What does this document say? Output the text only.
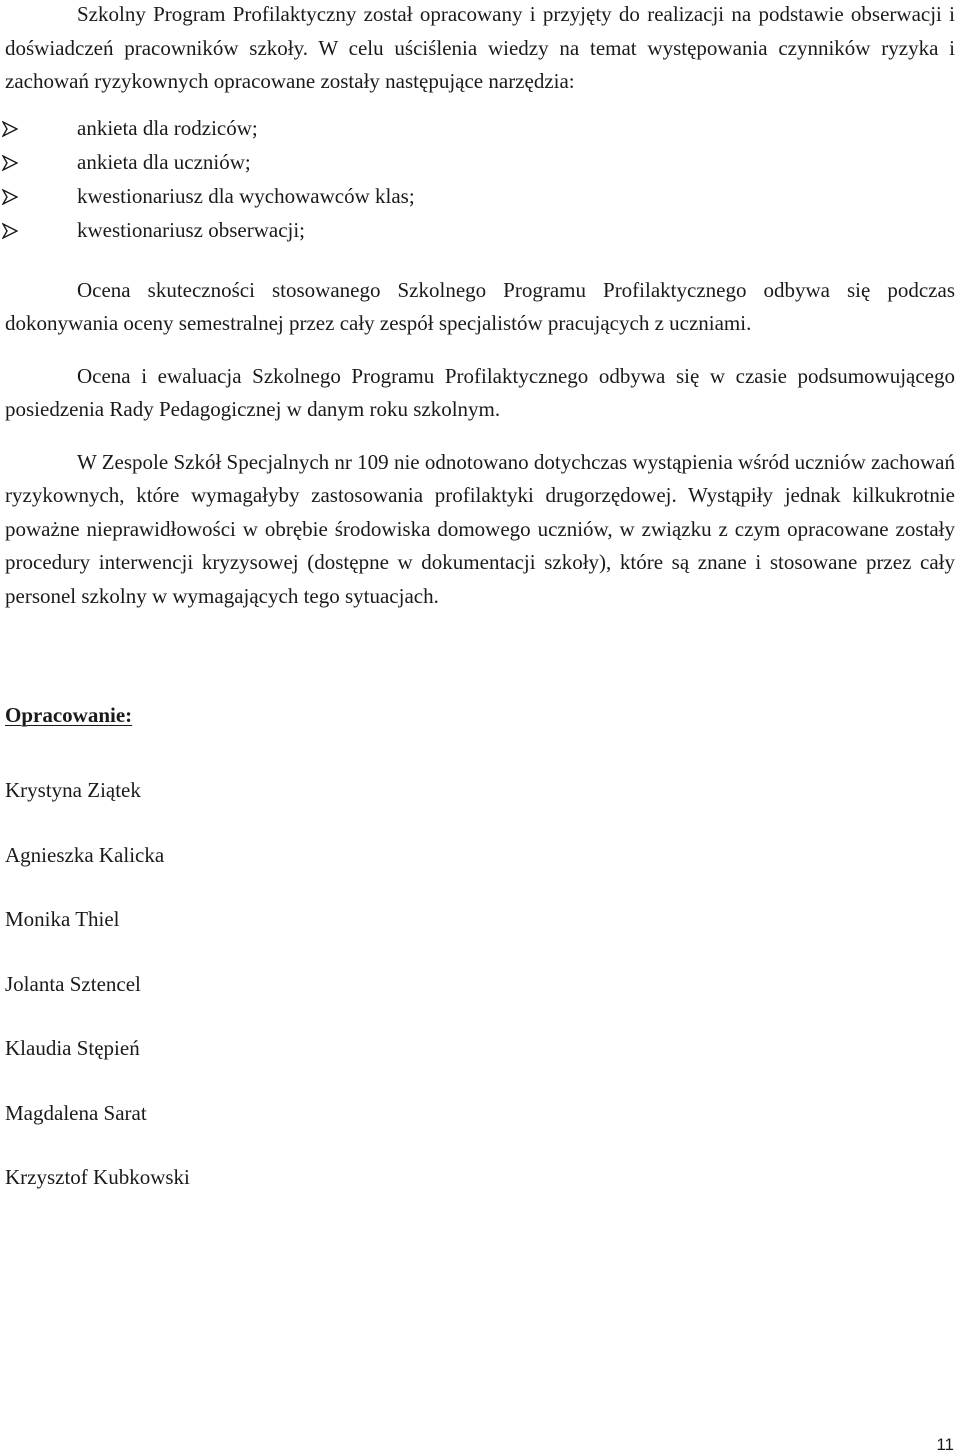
Szkolny Program Profilaktyczny został opracowany i przyjęty do realizacji na podstawie obserwacji i doświadczeń pracowników szkoły. W celu uściślenia wiedzy na temat występowania czynników ryzyka i zachowań ryzykownych opracowane zostały następujące narzędzia:

ankieta dla rodziców;
ankieta dla uczniów;
kwestionariusz dla wychowawców klas;
kwestionariusz obserwacji;

Ocena skuteczności stosowanego Szkolnego Programu Profilaktycznego odbywa się podczas dokonywania oceny semestralnej przez cały zespół specjalistów pracujących z uczniami.

Ocena i ewaluacja Szkolnego Programu Profilaktycznego odbywa się w czasie podsumowującego posiedzenia Rady Pedagogicznej w danym roku szkolnym.

W Zespole Szkół Specjalnych nr 109 nie odnotowano dotychczas wystąpienia wśród uczniów zachowań ryzykownych, które wymagałyby zastosowania profilaktyki drugorzędowej. Wystąpiły jednak kilkukrotnie poważne nieprawidłowości w obrębie środowiska domowego uczniów, w związku z czym opracowane zostały procedury interwencji kryzysowej (dostępne w dokumentacji szkoły), które są znane i stosowane przez cały personel szkolny w wymagających tego sytuacjach.

Opracowanie:

Krystyna Ziątek
Agnieszka Kalicka
Monika Thiel
Jolanta Sztencel
Klaudia Stępień
Magdalena Sarat
Krzysztof Kubkowski
11
